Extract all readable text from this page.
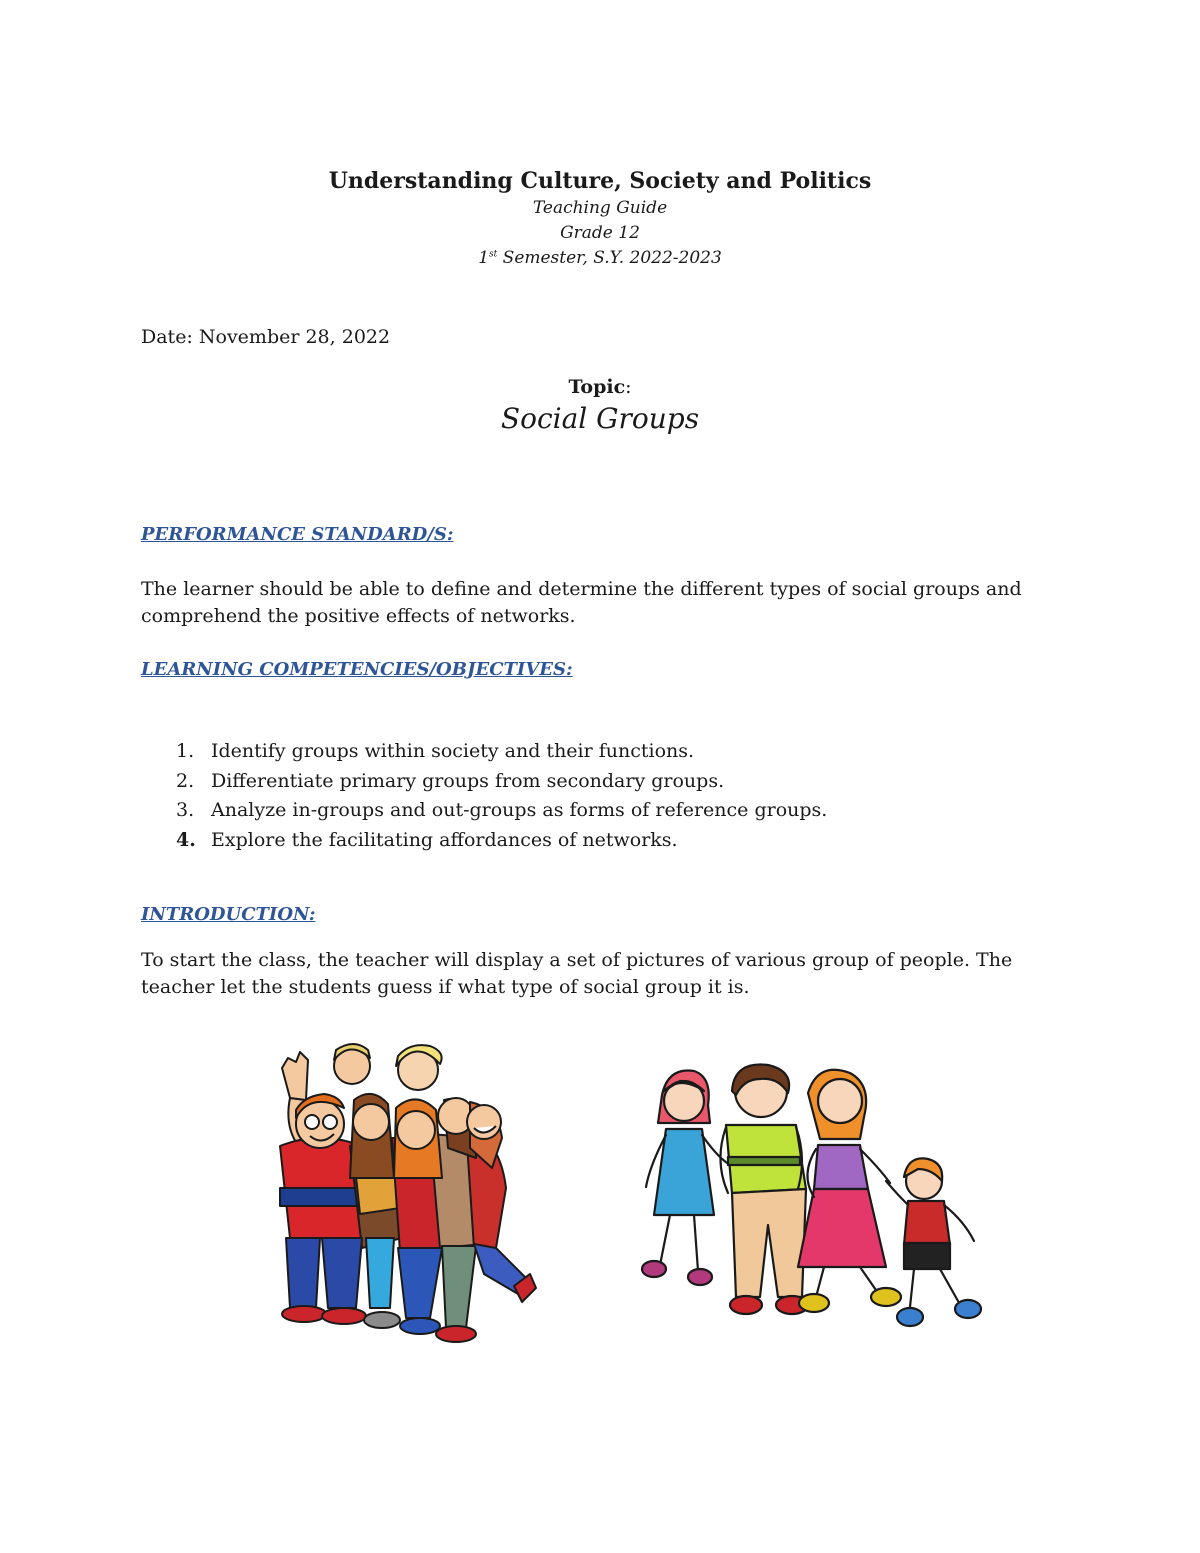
Understanding Culture, Society and Politics
Teaching Guide
Grade 12
1st Semester, S.Y. 2022-2023
Date: November 28, 2022
Topic:
Social Groups
PERFORMANCE STANDARD/S:
The learner should be able to define and determine the different types of social groups and
comprehend the positive effects of networks.
LEARNING COMPETENCIES/OBJECTIVES:
1. Identify groups within society and their functions.
2. Differentiate primary groups from secondary groups.
3. Analyze in-groups and out-groups as forms of reference groups.
4. Explore the facilitating affordances of networks.
INTRODUCTION:
To start the class, the teacher will display a set of pictures of various group of people. The
teacher let the students guess if what type of social group it is.
